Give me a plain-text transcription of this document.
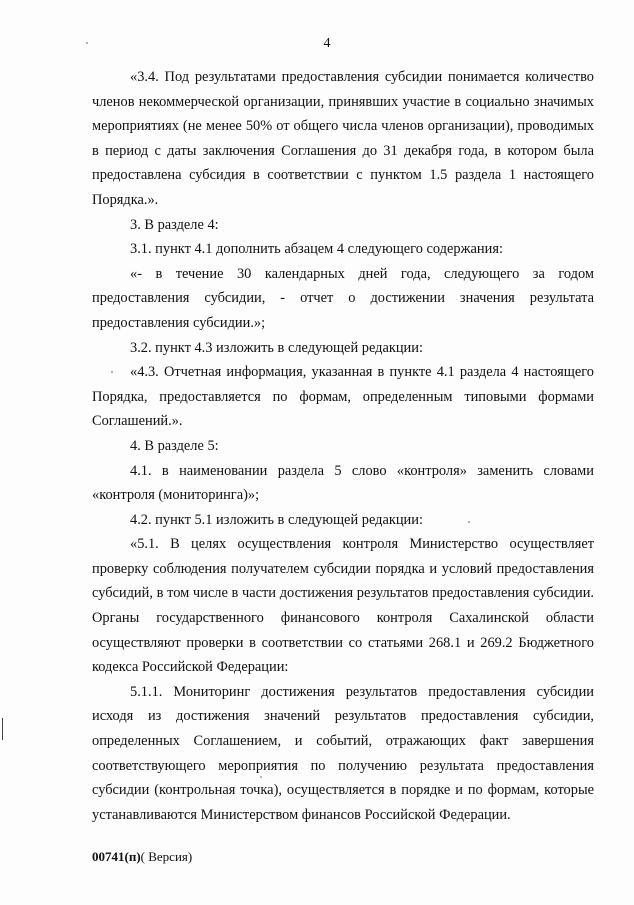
4

«3.4. Под результатами предоставления субсидии понимается количество членов некоммерческой организации, принявших участие в социально значимых мероприятиях (не менее 50% от общего числа членов организации), проводимых в период с даты заключения Соглашения до 31 декабря года, в котором была предоставлена субсидия в соответствии с пунктом 1.5 раздела 1 настоящего Порядка.».

3. В разделе 4:

3.1. пункт 4.1 дополнить абзацем 4 следующего содержания:

«- в течение 30 календарных дней года, следующего за годом предоставления субсидии, - отчет о достижении значения результата предоставления субсидии.»;

3.2. пункт 4.3 изложить в следующей редакции:

«4.3. Отчетная информация, указанная в пункте 4.1 раздела 4 настоящего Порядка, предоставляется по формам, определенным типовыми формами Соглашений.».

4. В разделе 5:

4.1. в наименовании раздела 5 слово «контроля» заменить словами «контроля (мониторинга)»;

4.2. пункт 5.1 изложить в следующей редакции:

«5.1. В целях осуществления контроля Министерство осуществляет проверку соблюдения получателем субсидии порядка и условий предоставления субсидий, в том числе в части достижения результатов предоставления субсидии. Органы государственного финансового контроля Сахалинской области осуществляют проверки в соответствии со статьями 268.1 и 269.2 Бюджетного кодекса Российской Федерации:

5.1.1. Мониторинг достижения результатов предоставления субсидии исходя из достижения значений результатов предоставления субсидии, определенных Соглашением, и событий, отражающих факт завершения соответствующего мероприятия по получению результата предоставления субсидии (контрольная точка), осуществляется в порядке и по формам, которые устанавливаются Министерством финансов Российской Федерации.

00741(п)( Версия)
